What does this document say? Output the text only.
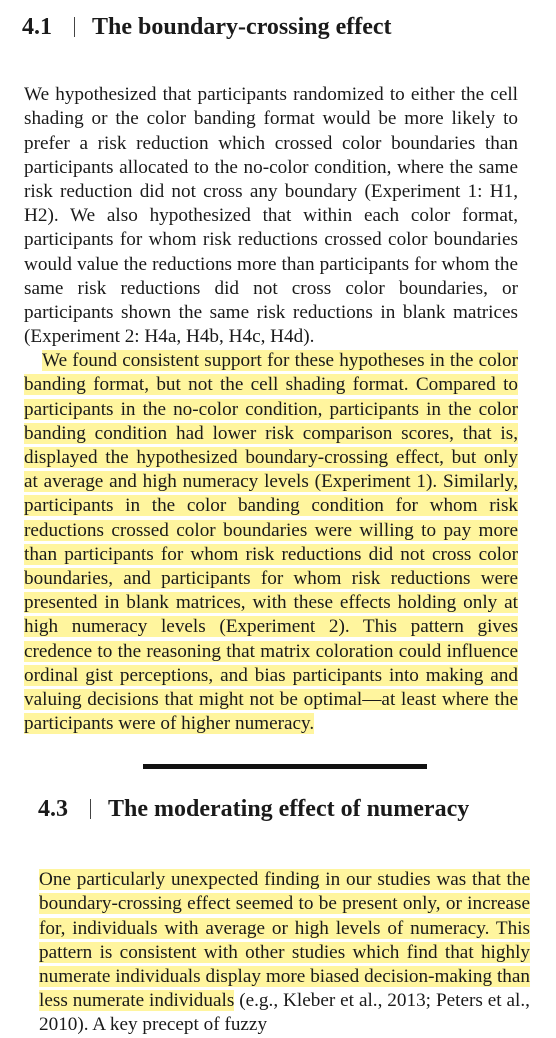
4.1 The boundary-crossing effect

We hypothesized that participants randomized to either the cell shading or the color banding format would be more likely to prefer a risk reduction which crossed color boundaries than participants allocated to the no-color condition, where the same risk reduction did not cross any boundary (Experiment 1: H1, H2). We also hypothesized that within each color format, participants for whom risk reductions crossed color boundaries would value the reductions more than participants for whom the same risk reductions did not cross color boundaries, or participants shown the same risk reductions in blank matrices (Experiment 2: H4a, H4b, H4c, H4d).

We found consistent support for these hypotheses in the color banding format, but not the cell shading format. Compared to participants in the no-color condition, participants in the color banding condition had lower risk comparison scores, that is, displayed the hypothesized boundary-crossing effect, but only at average and high numeracy levels (Experiment 1). Similarly, participants in the color banding condition for whom risk reductions crossed color boundaries were willing to pay more than participants for whom risk reductions did not cross color boundaries, and participants for whom risk reductions were presented in blank matrices, with these effects holding only at high numeracy levels (Experiment 2). This pattern gives credence to the reasoning that matrix coloration could influence ordinal gist perceptions, and bias participants into making and valuing decisions that might not be optimal—at least where the participants were of higher numeracy.

4.3 The moderating effect of numeracy

One particularly unexpected finding in our studies was that the boundary-crossing effect seemed to be present only, or increase for, individuals with average or high levels of numeracy. This pattern is consistent with other studies which find that highly numerate individuals display more biased decision-making than less numerate individuals (e.g., Kleber et al., 2013; Peters et al., 2010). A key precept of fuzzy
